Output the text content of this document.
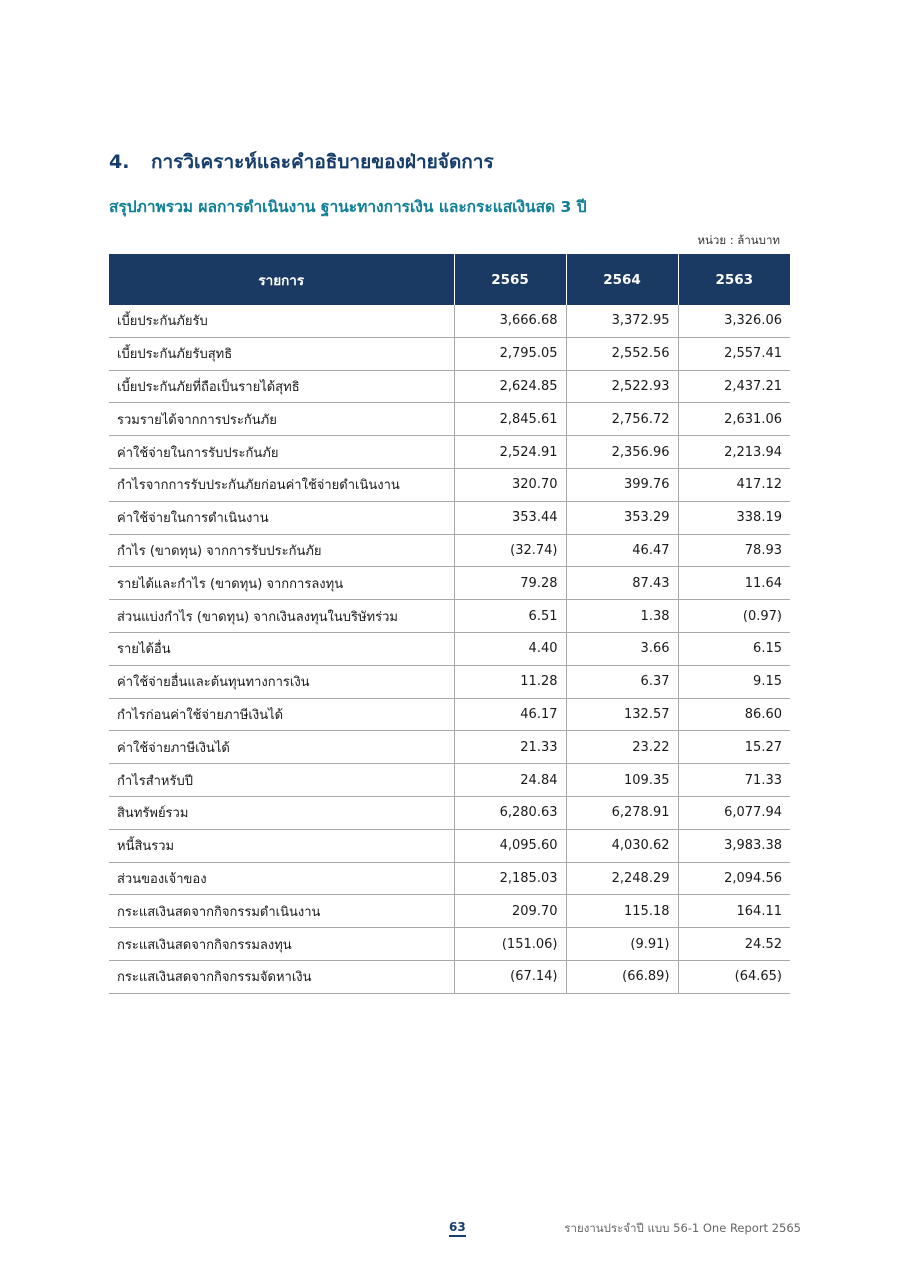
4. การวิเคราะห์และคำอธิบายของฝ่ายจัดการ
สรุปภาพรวม ผลการดำเนินงาน ฐานะทางการเงิน และกระแสเงินสด 3 ปี
หน่วย : ล้านบาท
รายการ	2565	2564	2563
เบี้ยประกันภัยรับ	3,666.68	3,372.95	3,326.06
เบี้ยประกันภัยรับสุทธิ	2,795.05	2,552.56	2,557.41
เบี้ยประกันภัยที่ถือเป็นรายได้สุทธิ	2,624.85	2,522.93	2,437.21
รวมรายได้จากการประกันภัย	2,845.61	2,756.72	2,631.06
ค่าใช้จ่ายในการรับประกันภัย	2,524.91	2,356.96	2,213.94
กำไรจากการรับประกันภัยก่อนค่าใช้จ่ายดำเนินงาน	320.70	399.76	417.12
ค่าใช้จ่ายในการดำเนินงาน	353.44	353.29	338.19
กำไร (ขาดทุน) จากการรับประกันภัย	(32.74)	46.47	78.93
รายได้และกำไร (ขาดทุน) จากการลงทุน	79.28	87.43	11.64
ส่วนแบ่งกำไร (ขาดทุน) จากเงินลงทุนในบริษัทร่วม	6.51	1.38	(0.97)
รายได้อื่น	4.40	3.66	6.15
ค่าใช้จ่ายอื่นและต้นทุนทางการเงิน	11.28	6.37	9.15
กำไรก่อนค่าใช้จ่ายภาษีเงินได้	46.17	132.57	86.60
ค่าใช้จ่ายภาษีเงินได้	21.33	23.22	15.27
กำไรสำหรับปี	24.84	109.35	71.33
สินทรัพย์รวม	6,280.63	6,278.91	6,077.94
หนี้สินรวม	4,095.60	4,030.62	3,983.38
ส่วนของเจ้าของ	2,185.03	2,248.29	2,094.56
กระแสเงินสดจากกิจกรรมดำเนินงาน	209.70	115.18	164.11
กระแสเงินสดจากกิจกรรมลงทุน	(151.06)	(9.91)	24.52
กระแสเงินสดจากกิจกรรมจัดหาเงิน	(67.14)	(66.89)	(64.65)
63	รายงานประจำปี แบบ 56-1 One Report 2565
